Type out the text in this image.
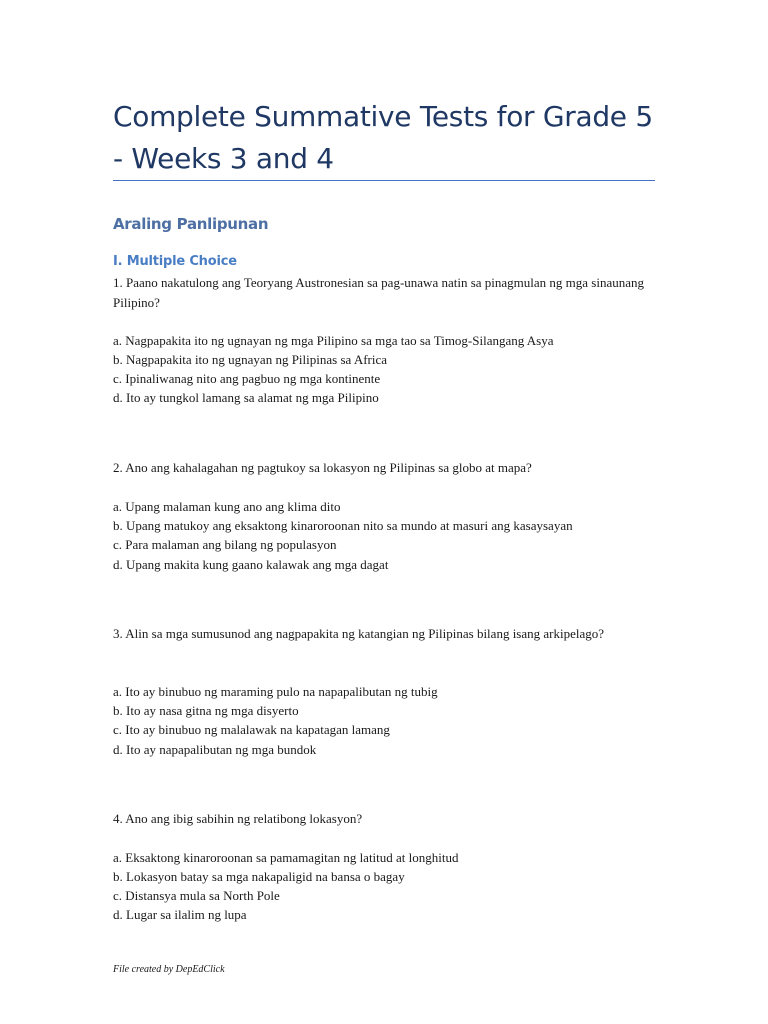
Complete Summative Tests for Grade 5 - Weeks 3 and 4
Araling Panlipunan
I. Multiple Choice

1. Paano nakatulong ang Teoryang Austronesian sa pag-unawa natin sa pinagmulan ng mga sinaunang Pilipino?

a. Nagpapakita ito ng ugnayan ng mga Pilipino sa mga tao sa Timog-Silangang Asya

b. Nagpapakita ito ng ugnayan ng Pilipinas sa Africa

c. Ipinaliwanag nito ang pagbuo ng mga kontinente

d. Ito ay tungkol lamang sa alamat ng mga Pilipino

2. Ano ang kahalagahan ng pagtukoy sa lokasyon ng Pilipinas sa globo at mapa?

a. Upang malaman kung ano ang klima dito

b. Upang matukoy ang eksaktong kinaroroonan nito sa mundo at masuri ang kasaysayan

c. Para malaman ang bilang ng populasyon

d. Upang makita kung gaano kalawak ang mga dagat

3. Alin sa mga sumusunod ang nagpapakita ng katangian ng Pilipinas bilang isang arkipelago?

a. Ito ay binubuo ng maraming pulo na napapalibutan ng tubig

b. Ito ay nasa gitna ng mga disyerto

c. Ito ay binubuo ng malalawak na kapatagan lamang

d. Ito ay napapalibutan ng mga bundok

4. Ano ang ibig sabihin ng relatibong lokasyon?

a. Eksaktong kinaroroonan sa pamamagitan ng latitud at longhitud

b. Lokasyon batay sa mga nakapaligid na bansa o bagay

c. Distansya mula sa North Pole

d. Lugar sa ilalim ng lupa

File created by DepEdClick
